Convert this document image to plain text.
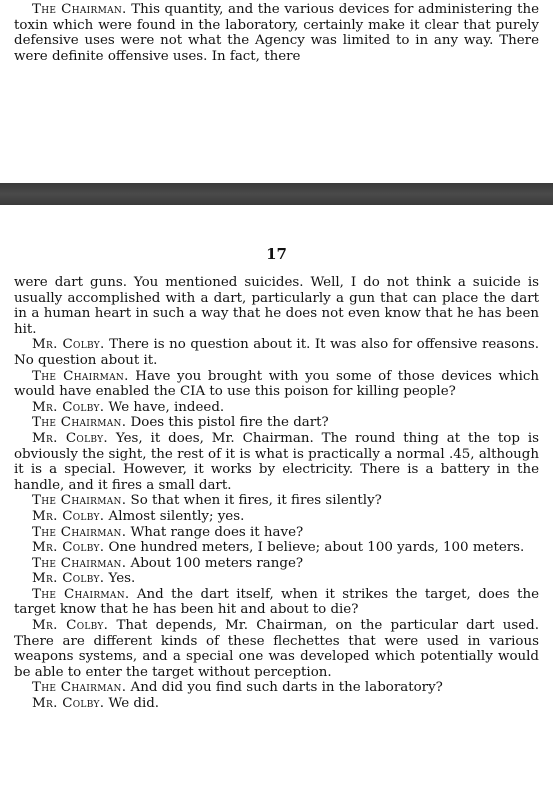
The Chairman. This quantity, and the various devices for administering the toxin which were found in the laboratory, certainly make it clear that purely defensive uses were not what the Agency was limited to in any way. There were definite offensive uses. In fact, there

17

were dart guns. You mentioned suicides. Well, I do not think a suicide is usually accomplished with a dart, particularly a gun that can place the dart in a human heart in such a way that he does not even know that he has been hit.

Mr. Colby. There is no question about it. It was also for offensive reasons. No question about it.

The Chairman. Have you brought with you some of those devices which would have enabled the CIA to use this poison for killing people?

Mr. Colby. We have, indeed.

The Chairman. Does this pistol fire the dart?

Mr. Colby. Yes, it does, Mr. Chairman. The round thing at the top is obviously the sight, the rest of it is what is practically a normal .45, although it is a special. However, it works by electricity. There is a battery in the handle, and it fires a small dart.

The Chairman. So that when it fires, it fires silently?

Mr. Colby. Almost silently; yes.

The Chairman. What range does it have?

Mr. Colby. One hundred meters, I believe; about 100 yards, 100 meters.

The Chairman. About 100 meters range?

Mr. Colby. Yes.

The Chairman. And the dart itself, when it strikes the target, does the target know that he has been hit and about to die?

Mr. Colby. That depends, Mr. Chairman, on the particular dart used. There are different kinds of these flechettes that were used in various weapons systems, and a special one was developed which potentially would be able to enter the target without perception.

The Chairman. And did you find such darts in the laboratory?

Mr. Colby. We did.
